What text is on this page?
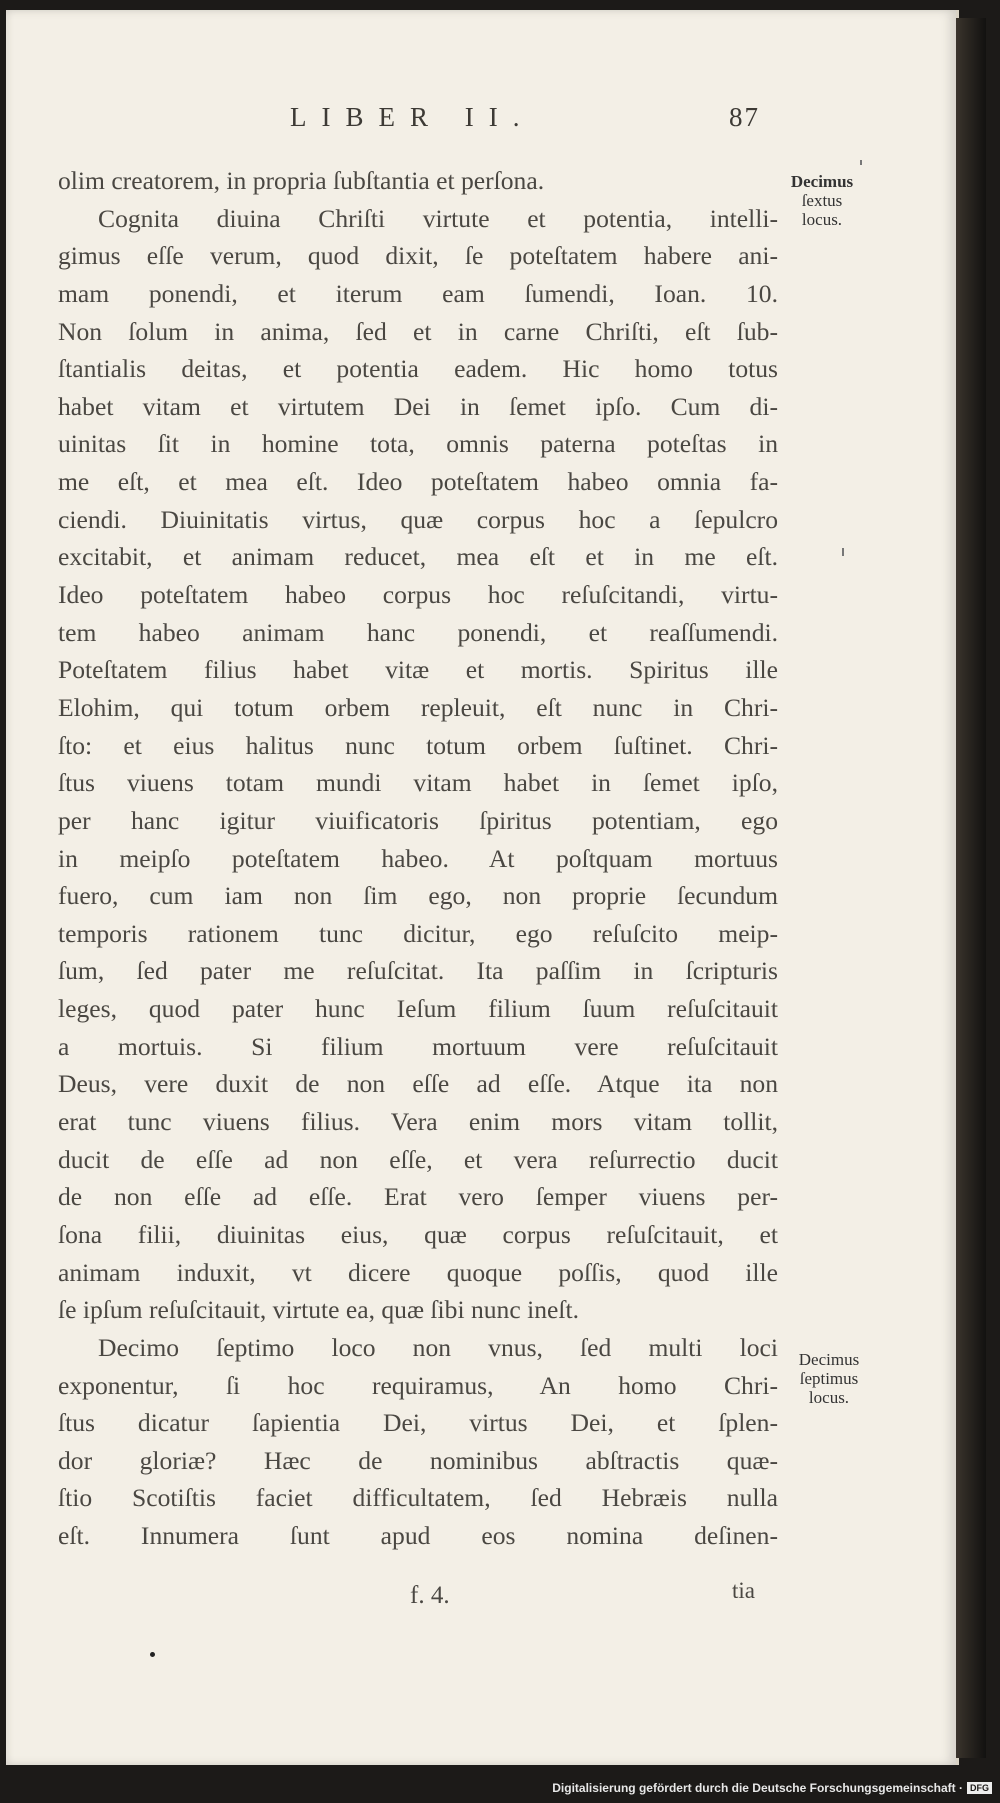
LIBER II.	87
olim creatorem, in propria ſubſtantia et perſona.
Cognita diuina Chriſti virtute et potentia, intelli-
gimus eſſe verum, quod dixit, ſe poteſtatem habere ani-
mam ponendi, et iterum eam ſumendi, Ioan. 10.
Non ſolum in anima, ſed et in carne Chriſti, eſt ſub-
ſtantialis deitas, et potentia eadem. Hic homo totus
habet vitam et virtutem Dei in ſemet ipſo. Cum di-
uinitas ſit in homine tota, omnis paterna poteſtas in
me eſt, et mea eſt. Ideo poteſtatem habeo omnia fa-
ciendi. Diuinitatis virtus, quæ corpus hoc a ſepulcro
excitabit, et animam reducet, mea eſt et in me eſt.
Ideo poteſtatem habeo corpus hoc reſuſcitandi, virtu-
tem habeo animam hanc ponendi, et reaſſumendi.
Poteſtatem filius habet vitæ et mortis. Spiritus ille
Elohim, qui totum orbem repleuit, eſt nunc in Chri-
ſto: et eius halitus nunc totum orbem ſuſtinet. Chri-
ſtus viuens totam mundi vitam habet in ſemet ipſo,
per hanc igitur viuificatoris ſpiritus potentiam, ego
in meipſo poteſtatem habeo. At poſtquam mortuus
fuero, cum iam non ſim ego, non proprie ſecundum
temporis rationem tunc dicitur, ego reſuſcito meip-
ſum, ſed pater me reſuſcitat. Ita paſſim in ſcripturis
leges, quod pater hunc Ieſum filium ſuum reſuſcitauit
a mortuis. Si filium mortuum vere reſuſcitauit
Deus, vere duxit de non eſſe ad eſſe. Atque ita non
erat tunc viuens filius. Vera enim mors vitam tollit,
ducit de eſſe ad non eſſe, et vera reſurrectio ducit
de non eſſe ad eſſe. Erat vero ſemper viuens per-
ſona filii, diuinitas eius, quæ corpus reſuſcitauit, et
animam induxit, vt dicere quoque poſſis, quod ille
ſe ipſum reſuſcitauit, virtute ea, quæ ſibi nunc ineſt.
Decimo ſeptimo loco non vnus, ſed multi loci
exponentur, ſi hoc requiramus, An homo Chri-
ſtus dicatur ſapientia Dei, virtus Dei, et ſplen-
dor gloriæ? Hæc de nominibus abſtractis quæ-
ſtio Scotiſtis faciet difficultatem, ſed Hebræis nulla
eſt. Innumera ſunt apud eos nomina deſinen-
Decimus
ſextus
locus.
Decimus
ſeptimus
locus.
f. 4.	tia
Digitalisierung gefördert durch die Deutsche Forschungsgemeinschaft · DFG
